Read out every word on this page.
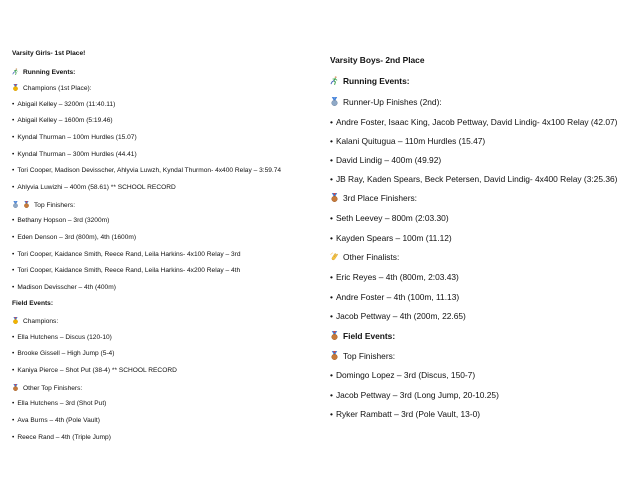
Varsity Girls- 1st Place!
Running Events:
Champions (1st Place):
• Abigail Kelley – 3200m (11:40.11)
• Abigail Kelley – 1600m (5:19.46)
• Kyndal Thurman – 100m Hurdles (15.07)
• Kyndal Thurman – 300m Hurdles (44.41)
• Tori Cooper, Madison Devisscher, Ahlyvia Luwzh, Kyndal Thurmon- 4x400 Relay – 3:59.74
• Ahlyvia Luwizhi – 400m (58.61) ** SCHOOL RECORD
Top Finishers:
• Bethany Hopson – 3rd (3200m)
• Eden Denson – 3rd (800m), 4th (1600m)
• Tori Cooper, Kaidance Smith, Reece Rand, Leila Harkins- 4x100 Relay – 3rd
• Tori Cooper, Kaidance Smith, Reece Rand, Leila Harkins- 4x200 Relay – 4th
• Madison Devisscher – 4th (400m)
Field Events:
Champions:
• Ella Hutchens – Discus (120-10)
• Brooke Gissell – High Jump (5-4)
• Kaniya Pierce – Shot Put (38-4) ** SCHOOL RECORD
Other Top Finishers:
• Ella Hutchens – 3rd (Shot Put)
• Ava Burns – 4th (Pole Vault)
• Reece Rand – 4th (Triple Jump)
Varsity Boys- 2nd Place
Running Events:
Runner-Up Finishes (2nd):
• Andre Foster, Isaac King, Jacob Pettway, David Lindig- 4x100 Relay (42.07)
• Kalani Quitugua – 110m Hurdles (15.47)
• David Lindig – 400m (49.92)
• JB Ray, Kaden Spears, Beck Petersen, David Lindig- 4x400 Relay (3:25.36)
3rd Place Finishers:
• Seth Leevey – 800m (2:03.30)
• Kayden Spears – 100m (11.12)
Other Finalists:
• Eric Reyes – 4th (800m, 2:03.43)
• Andre Foster – 4th (100m, 11.13)
• Jacob Pettway – 4th (200m, 22.65)
Field Events:
Top Finishers:
• Domingo Lopez – 3rd (Discus, 150-7)
• Jacob Pettway – 3rd (Long Jump, 20-10.25)
• Ryker Rambatt – 3rd (Pole Vault, 13-0)
